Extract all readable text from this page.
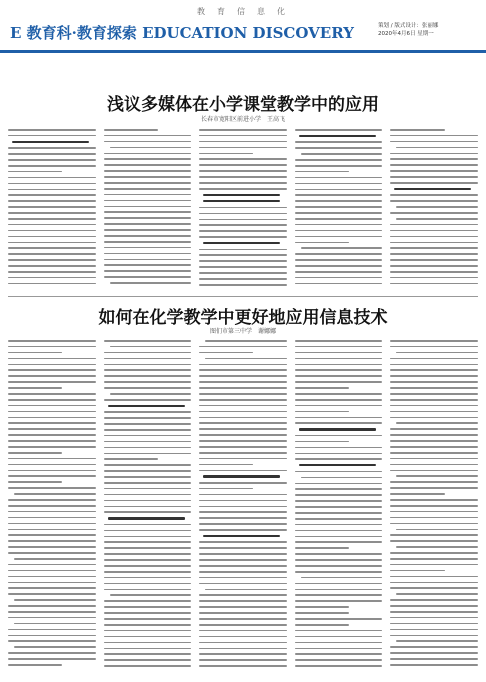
教育信息化
E 教育科·教育探索 EDUCATION DISCOVERY	策划 / 版式设计：张丽娜
2020年4月6日 星期一
浅议多媒体在小学课堂教学中的应用
长春市宽阳区前进小学　王高飞
如何在化学教学中更好地应用信息技术
图们市第三中学　谢娜娜
